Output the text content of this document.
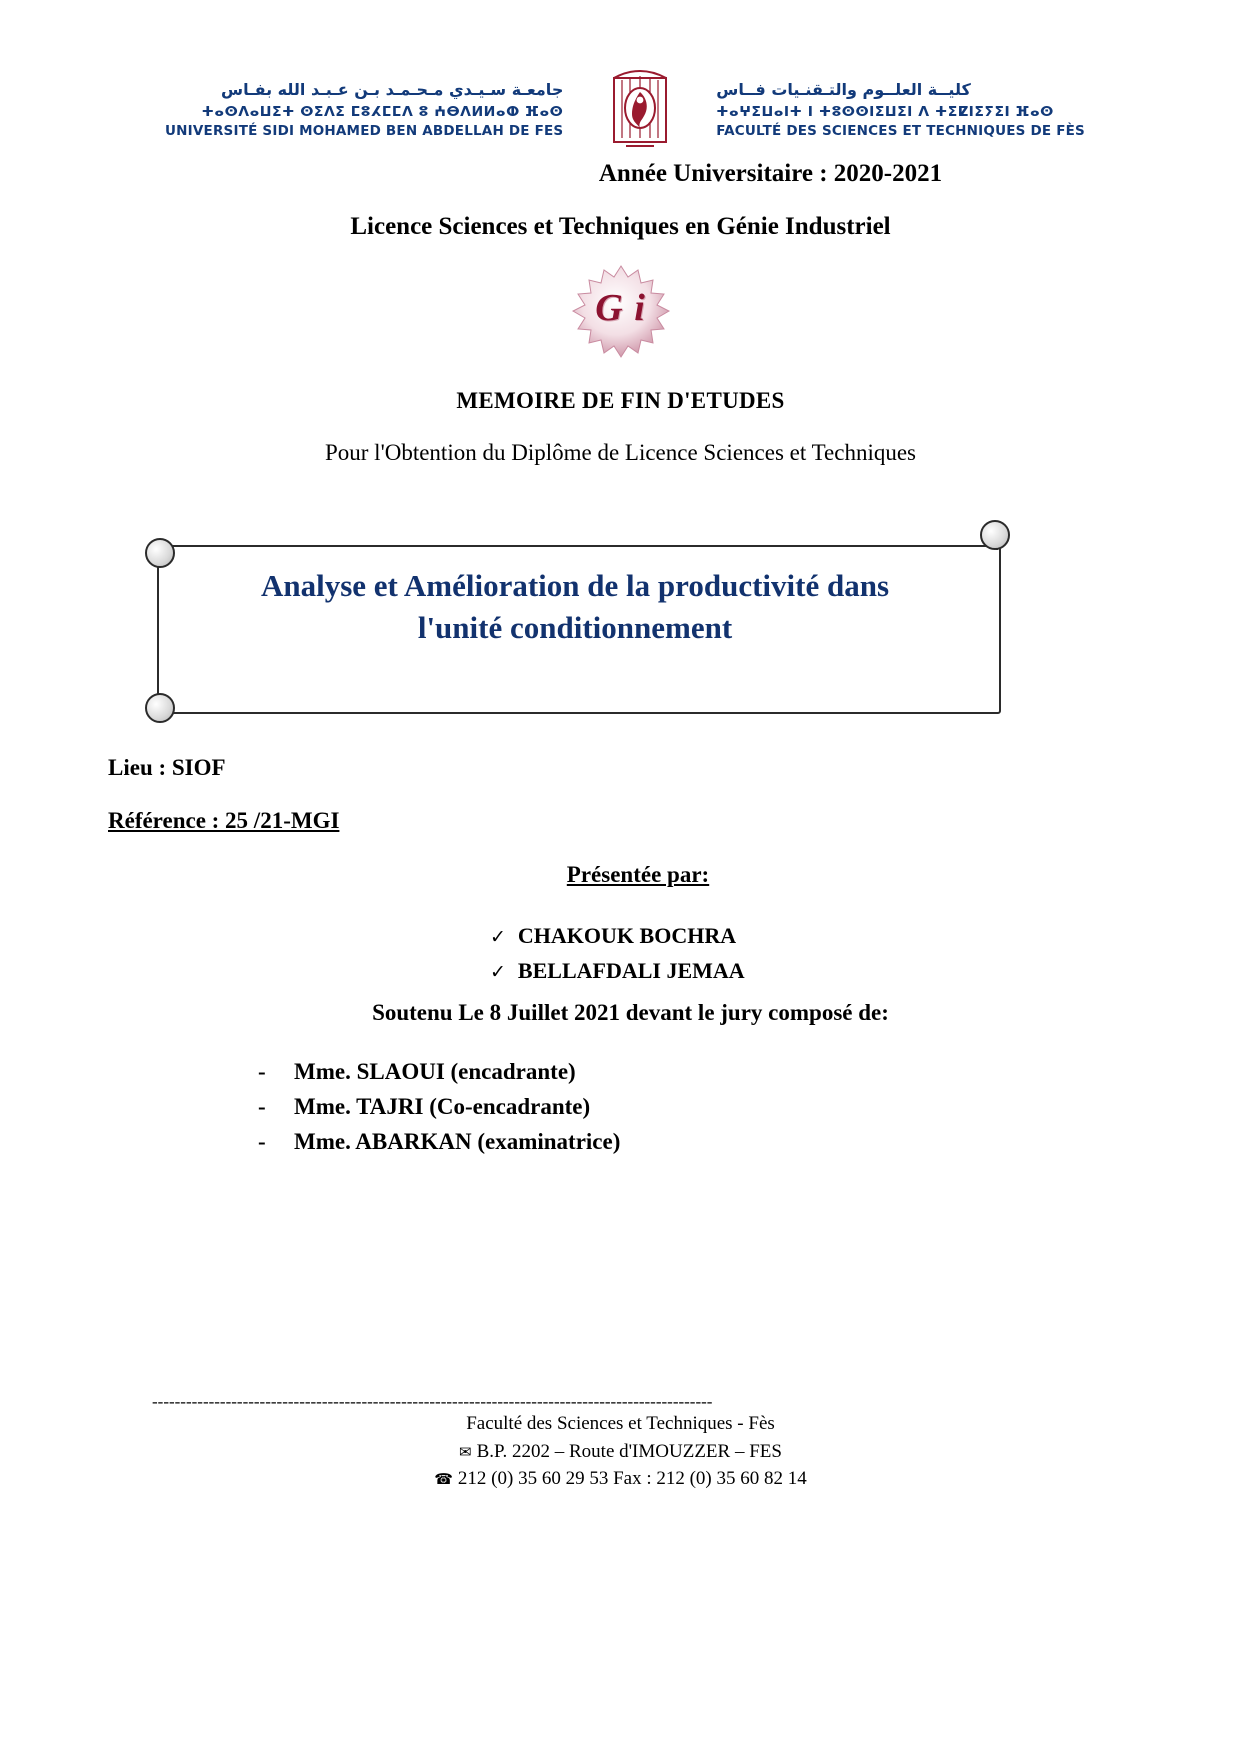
جامعـة سـيـدي مـحـمـد بـن عـبـد الله بفـاس
ⵜⴰⵙⴷⴰⵡⵉⵜ ⵙⵉⴷⵉ ⵎⵓⵃⵎⵎⴷ ⵓ ⵄⴱⴷⵍⵍⴰⵀ ⴼⴰⵙ
UNIVERSITÉ SIDI MOHAMED BEN ABDELLAH DE FES
كليــة العلــوم والتـقنـيات فــاس
ⵜⴰⵖⵉⵡⴰⵏⵜ ⵏ ⵜⵓⵙⵙⵏⵉⵡⵉⵏ ⴷ ⵜⵉⵇⵏⵉⵢⵉⵏ ⴼⴰⵙ
FACULTÉ DES SCIENCES ET TECHNIQUES DE FÈS
Année Universitaire : 2020-2021
Licence Sciences et Techniques en Génie Industriel
G i
MEMOIRE DE FIN D'ETUDES
Pour l'Obtention du Diplôme de Licence Sciences et Techniques
Analyse et Amélioration de la productivité dans
l'unité conditionnement
Lieu : SIOF
Référence : 25 /21-MGI
Présentée par:
✓ CHAKOUK BOCHRA
✓ BELLAFDALI JEMAA
Soutenu Le 8 Juillet 2021 devant le jury composé de:
- Mme. SLAOUI (encadrante)
- Mme. TAJRI (Co-encadrante)
- Mme. ABARKAN (examinatrice)
---------------------------------------------------------------------------------------------------
Faculté des Sciences et Techniques - Fès
✉ B.P. 2202 – Route d'IMOUZZER – FES
☎ 212 (0) 35 60 29 53 Fax : 212 (0) 35 60 82 14
